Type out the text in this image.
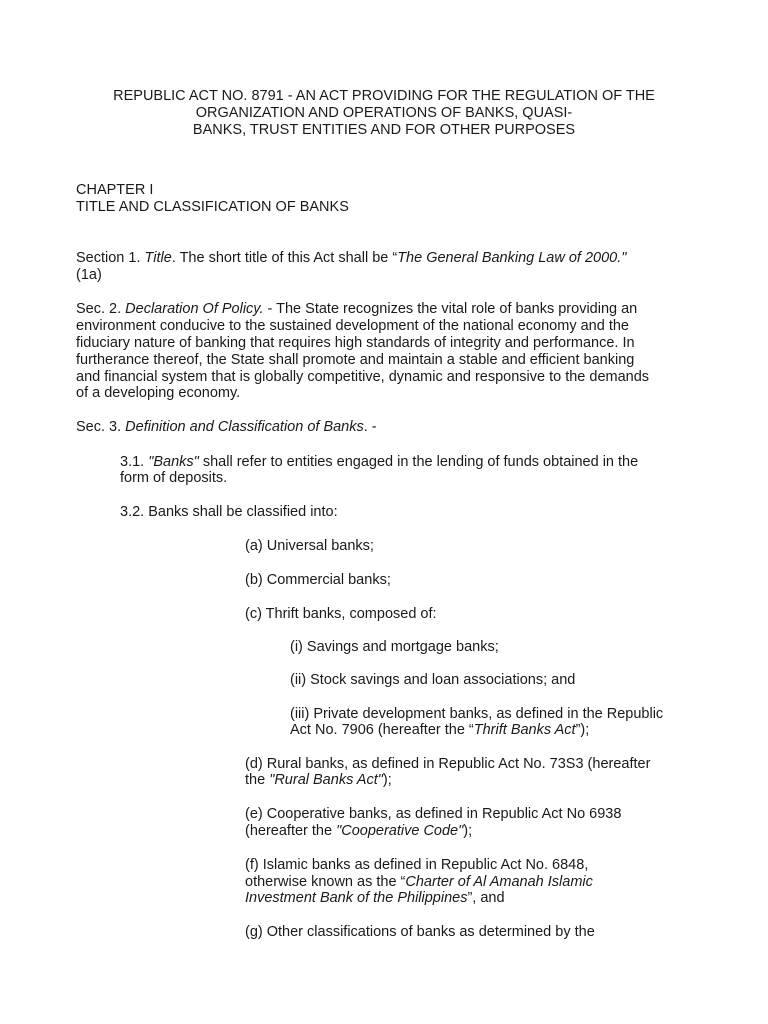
REPUBLIC ACT NO. 8791 - AN ACT PROVIDING FOR THE REGULATION OF THE
ORGANIZATION AND OPERATIONS OF BANKS, QUASI-
BANKS, TRUST ENTITIES AND FOR OTHER PURPOSES
CHAPTER I
TITLE AND CLASSIFICATION OF BANKS
Section 1. Title. The short title of this Act shall be “The General Banking Law of 2000."
(1a)
Sec. 2. Declaration Of Policy. - The State recognizes the vital role of banks providing an
environment conducive to the sustained development of the national economy and the
fiduciary nature of banking that requires high standards of integrity and performance. In
furtherance thereof, the State shall promote and maintain a stable and efficient banking
and financial system that is globally competitive, dynamic and responsive to the demands
of a developing economy.
Sec. 3. Definition and Classification of Banks. -
3.1. "Banks" shall refer to entities engaged in the lending of funds obtained in the
form of deposits.
3.2. Banks shall be classified into:
(a) Universal banks;
(b) Commercial banks;
(c) Thrift banks, composed of:
(i) Savings and mortgage banks;
(ii) Stock savings and loan associations; and
(iii) Private development banks, as defined in the Republic
Act No. 7906 (hereafter the “Thrift Banks Act”);
(d) Rural banks, as defined in Republic Act No. 73S3 (hereafter
the "Rural Banks Act");
(e) Cooperative banks, as defined in Republic Act No 6938
(hereafter the "Cooperative Code");
(f) Islamic banks as defined in Republic Act No. 6848,
otherwise known as the “Charter of Al Amanah Islamic
Investment Bank of the Philippines”, and
(g) Other classifications of banks as determined by the
